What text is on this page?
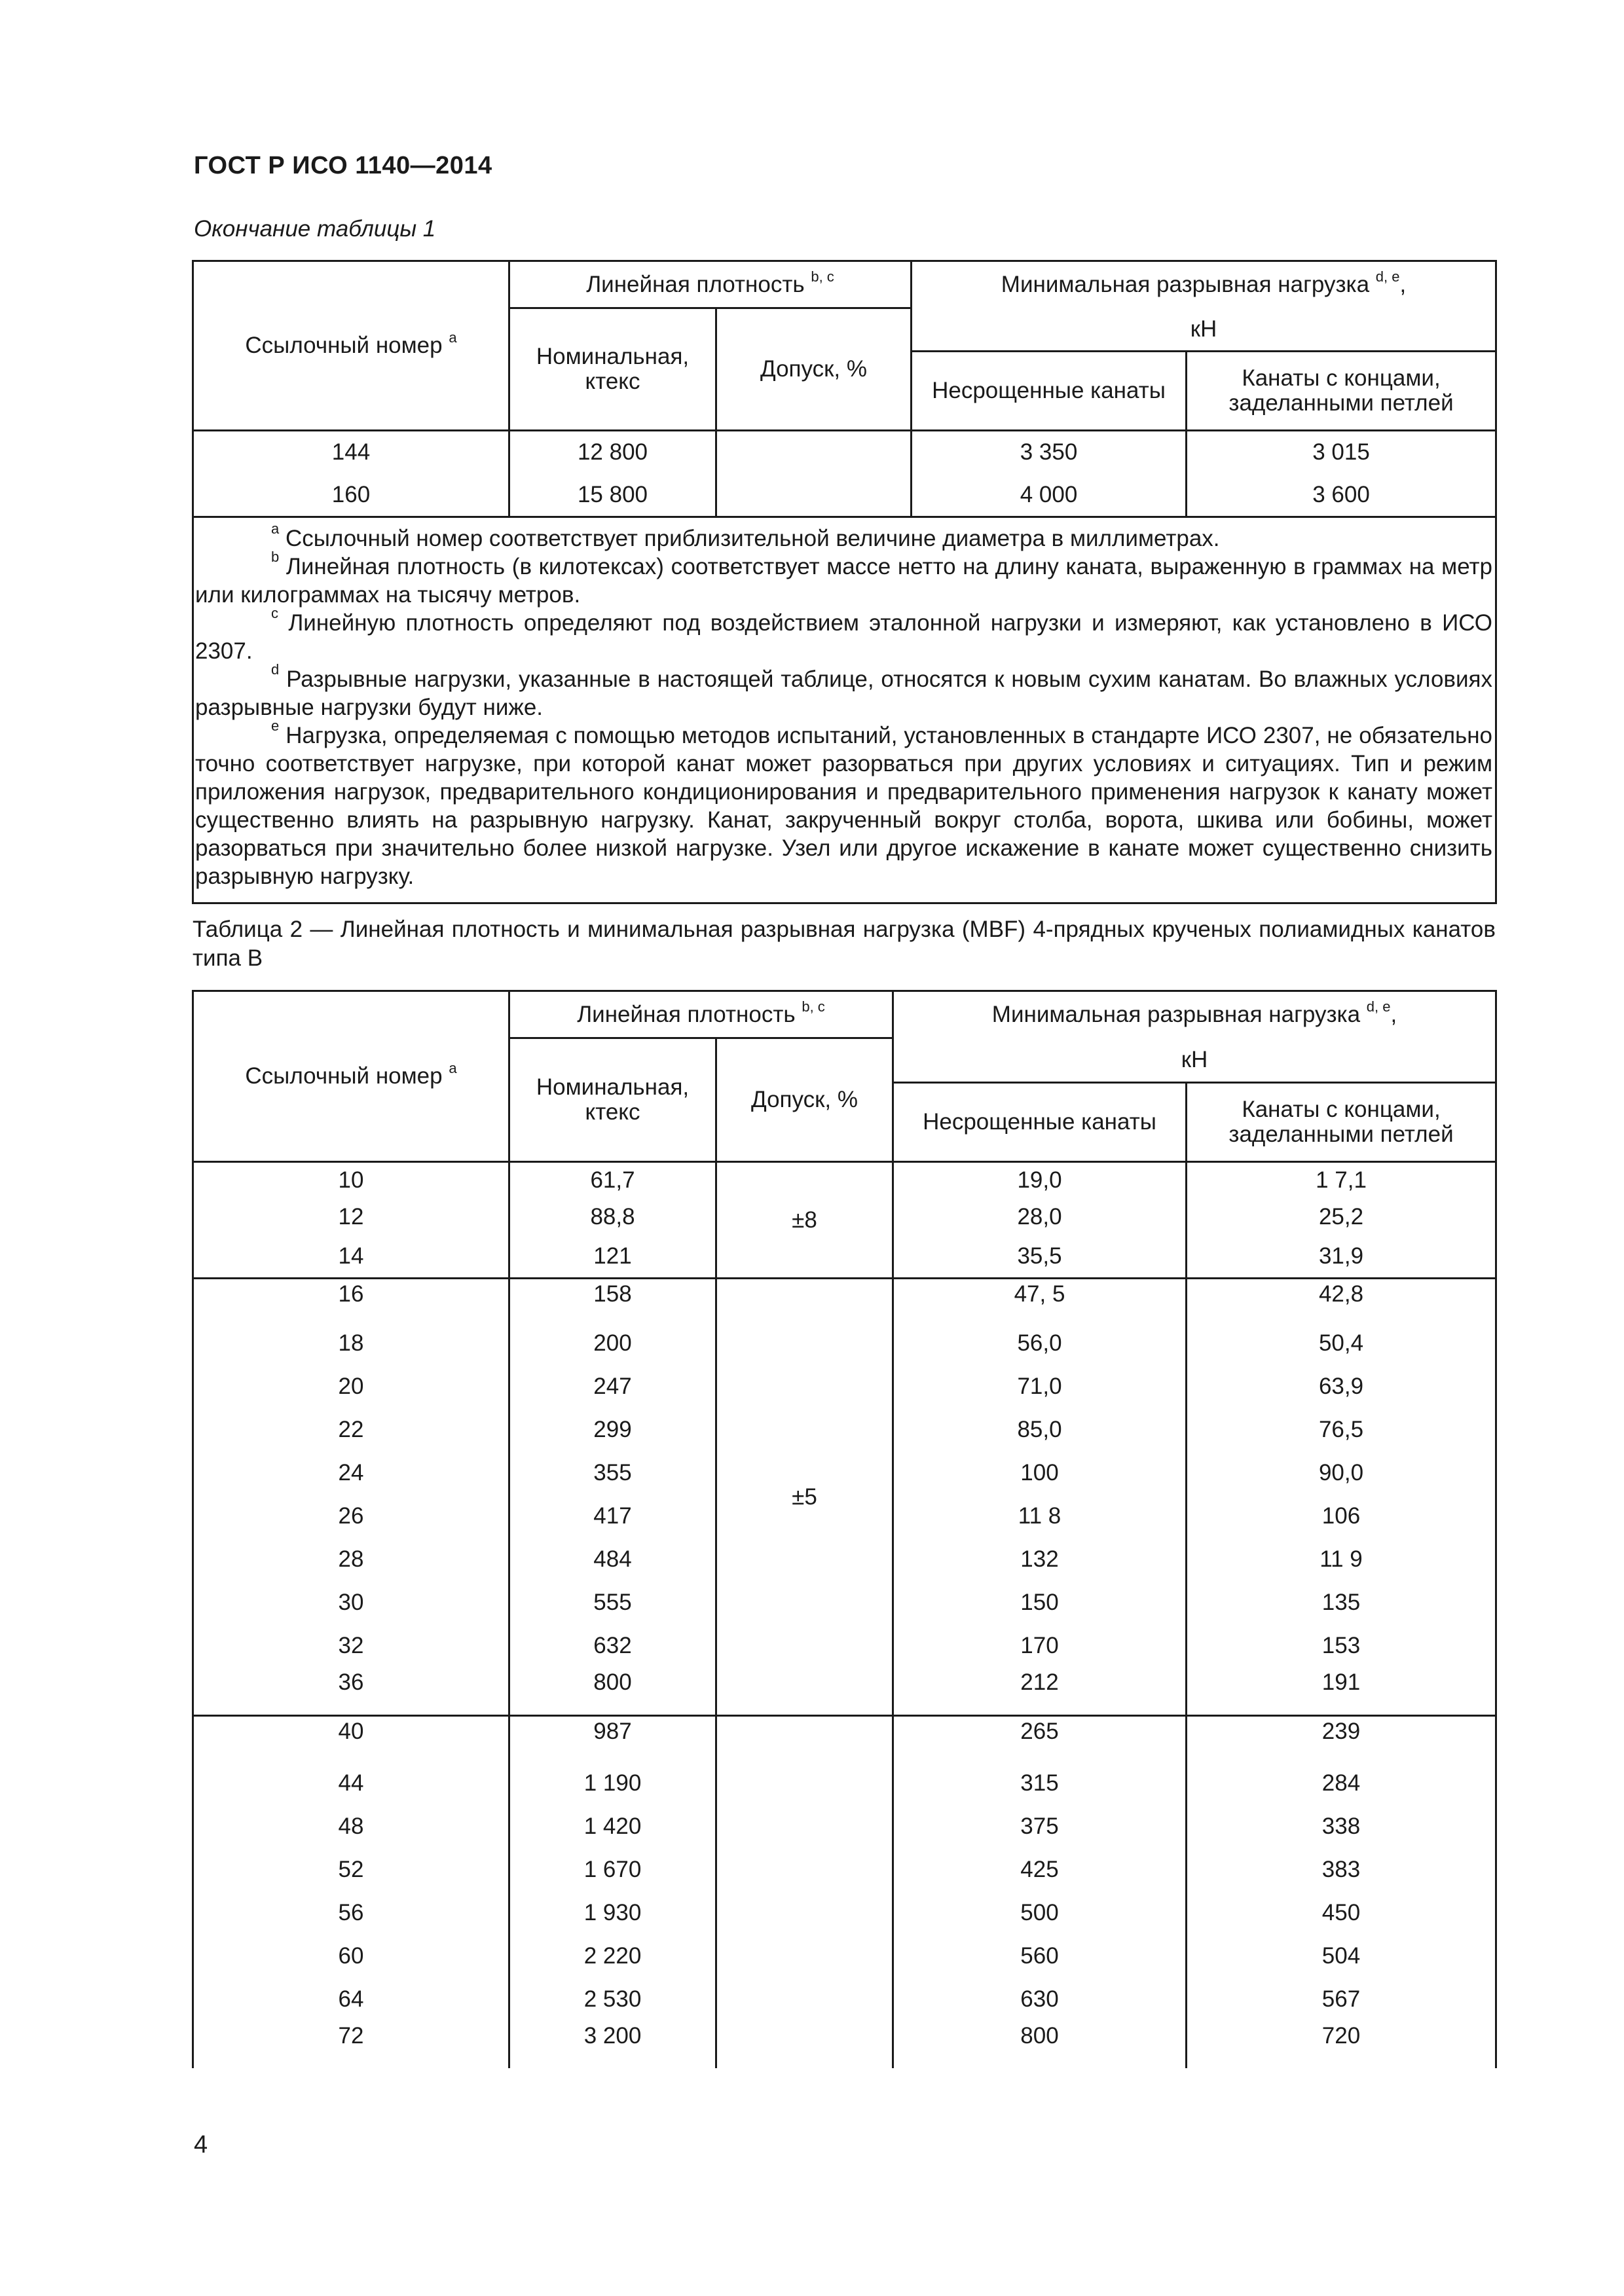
ГОСТ Р ИСО 1140—2014
Окончание таблицы 1
Ссылочный номер $^a$	Линейная плотность $^{b, c}$		Минимальная разрывная нагрузка $^{d, e}$,	
	Номинальная, ктекс	Допуск, %	кН	
			Несрощенные канаты	Канаты с концами, заделанными петлей
144	12 800		3 350	3 015
160	15 800		4 000	3 600

$^a$ Ссылочный номер соответствует приблизительной величине диаметра в миллиметрах.

$^b$ Линейная плотность (в килотексах) соответствует массе нетто на длину каната, выраженную в граммах на метр или килограммах на тысячу метров.

$^c$ Линейную плотность определяют под воздействием эталонной нагрузки и измеряют, как установлено в ИСО 2307.

$^d$ Разрывные нагрузки, указанные в настоящей таблице, относятся к новым сухим канатам. Во влажных условиях разрывные нагрузки будут ниже.

$^e$ Нагрузка, определяемая с помощью методов испытаний, установленных в стандарте ИСО 2307, не обязательно точно соответствует нагрузке, при которой канат может разорваться при других условиях и ситуациях. Тип и режим приложения нагрузок, предварительного кондиционирования и предварительного применения нагрузок к канату может существенно влиять на разрывную нагрузку. Канат, закрученный вокруг столба, ворота, шкива или бобины, может разорваться при значительно более низкой нагрузке. Узел или другое искажение в канате может существенно снизить разрывную нагрузку.				

Таблица 2 — Линейная плотность и минимальная разрывная нагрузка (MBF) 4-прядных крученых полиамидных канатов типа В
Ссылочный номер $^a$	Линейная плотность $^{b, c}$		Минимальная разрывная нагрузка $^{d, e}$,	
	Номинальная, ктекс	Допуск, %	кН	
			Несрощенные канаты	Канаты с концами, заделанными петлей
10	61,7	±8	19,0	1 7,1
12	88,8		28,0	25,2
14	121		35,5	31,9
16	158	±5	47, 5	42,8
18	200		56,0	50,4
20	247		71,0	63,9
22	299		85,0	76,5
24	355		100	90,0
26	417		11 8	106
28	484		132	11 9
30	555		150	135
32	632		170	153
36	800		212	191
40	987		265	239
44	1 190		315	284
48	1 420		375	338
52	1 670		425	383
56	1 930		500	450
60	2 220		560	504
64	2 530		630	567
72	3 200		800	720
4
